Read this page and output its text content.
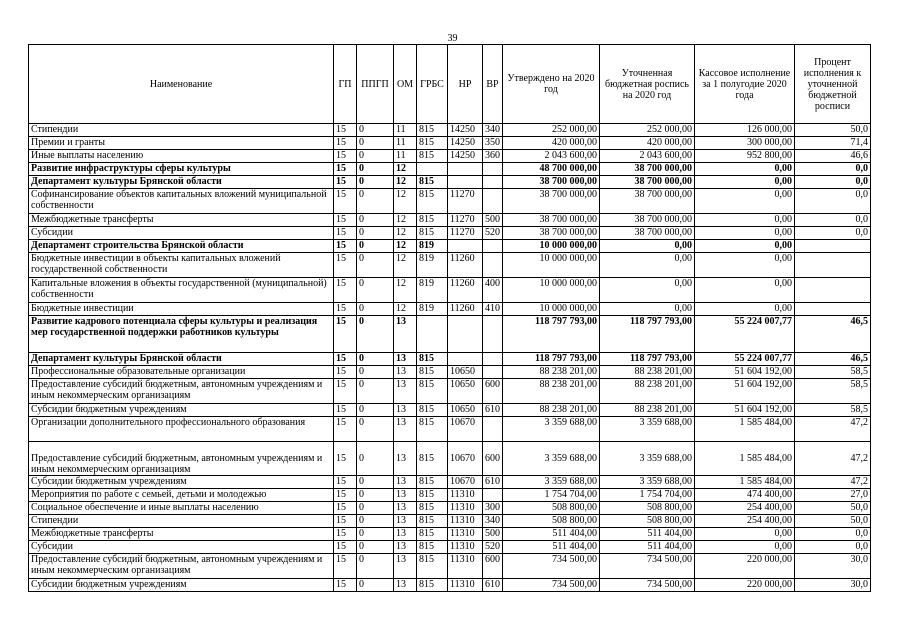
39
Наименование	ГП	ППГП	ОМ	ГРБС	НР	ВР	Утверждено на 2020 год	Уточненная бюджетная роспись на 2020 год	Кассовое исполнение за 1 полугодие 2020 года	Процент исполнения к уточненной бюджетной росписи
Стипендии	15	0	11	815	14250	340	252 000,00	252 000,00	126 000,00	50,0
Премии и гранты	15	0	11	815	14250	350	420 000,00	420 000,00	300 000,00	71,4
Иные выплаты населению	15	0	11	815	14250	360	2 043 600,00	2 043 600,00	952 800,00	46,6
Развитие инфраструктуры сферы культуры	15	0	12				48 700 000,00	38 700 000,00	0,00	0,0
Департамент культуры Брянской области	15	0	12	815			38 700 000,00	38 700 000,00	0,00	0,0
Софинансирование объектов капитальных вложений муниципальной собственности	15	0	12	815	11270		38 700 000,00	38 700 000,00	0,00	0,0
Межбюджетные трансферты	15	0	12	815	11270	500	38 700 000,00	38 700 000,00	0,00	0,0
Субсидии	15	0	12	815	11270	520	38 700 000,00	38 700 000,00	0,00	0,0
Департамент строительства Брянской области	15	0	12	819			10 000 000,00	0,00	0,00	
Бюджетные инвестиции в объекты капитальных вложений государственной собственности	15	0	12	819	11260		10 000 000,00	0,00	0,00	
Капитальные вложения в объекты государственной (муниципальной) собственности	15	0	12	819	11260	400	10 000 000,00	0,00	0,00	
Бюджетные инвестиции	15	0	12	819	11260	410	10 000 000,00	0,00	0,00	
Развитие кадрового потенциала сферы культуры и реализация мер государственной поддержки работников культуры	15	0	13				118 797 793,00	118 797 793,00	55 224 007,77	46,5
Департамент культуры Брянской области	15	0	13	815			118 797 793,00	118 797 793,00	55 224 007,77	46,5
Профессиональные образовательные организации	15	0	13	815	10650		88 238 201,00	88 238 201,00	51 604 192,00	58,5
Предоставление субсидий бюджетным, автономным учреждениям и иным некоммерческим организациям	15	0	13	815	10650	600	88 238 201,00	88 238 201,00	51 604 192,00	58,5
Субсидии бюджетным учреждениям	15	0	13	815	10650	610	88 238 201,00	88 238 201,00	51 604 192,00	58,5
Организации дополнительного профессионального образования	15	0	13	815	10670		3 359 688,00	3 359 688,00	1 585 484,00	47,2
Предоставление субсидий бюджетным, автономным учреждениям и иным некоммерческим организациям	15	0	13	815	10670	600	3 359 688,00	3 359 688,00	1 585 484,00	47,2
Субсидии бюджетным учреждениям	15	0	13	815	10670	610	3 359 688,00	3 359 688,00	1 585 484,00	47,2
Мероприятия по работе с семьей, детьми и молодежью	15	0	13	815	11310		1 754 704,00	1 754 704,00	474 400,00	27,0
Социальное обеспечение и иные выплаты населению	15	0	13	815	11310	300	508 800,00	508 800,00	254 400,00	50,0
Стипендии	15	0	13	815	11310	340	508 800,00	508 800,00	254 400,00	50,0
Межбюджетные трансферты	15	0	13	815	11310	500	511 404,00	511 404,00	0,00	0,0
Субсидии	15	0	13	815	11310	520	511 404,00	511 404,00	0,00	0,0
Предоставление субсидий бюджетным, автономным учреждениям и иным некоммерческим организациям	15	0	13	815	11310	600	734 500,00	734 500,00	220 000,00	30,0
Субсидии бюджетным учреждениям	15	0	13	815	11310	610	734 500,00	734 500,00	220 000,00	30,0
